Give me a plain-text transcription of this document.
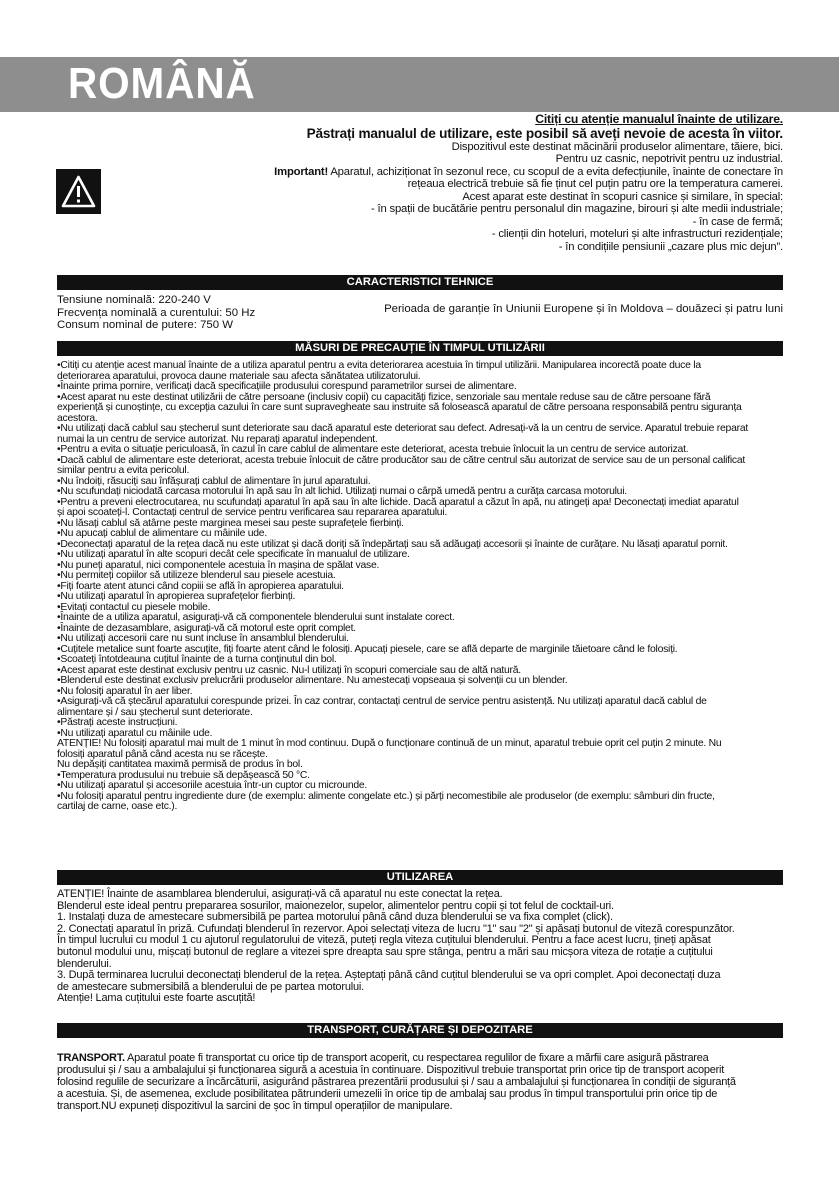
ROMÂNĂ
Citiți cu atenție manualul înainte de utilizare.
Păstrați manualul de utilizare, este posibil să aveți nevoie de acesta în viitor.
Dispozitivul este destinat măcinării produselor alimentare, tăiere, bici.
Pentru uz casnic, nepotrivit pentru uz industrial.
Important! Aparatul, achiziționat în sezonul rece, cu scopul de a evita defecțiunile, înainte de conectare în
rețeaua electrică trebuie să fie ținut cel puțin patru ore la temperatura camerei.
Acest aparat este destinat în scopuri casnice și similare, în special:
- în spații de bucătărie pentru personalul din magazine, birouri și alte medii industriale;
- în case de fermă;
- clienții din hoteluri, moteluri și alte infrastructuri rezidențiale;
- în condițiile pensiunii „cazare plus mic dejun”.
CARACTERISTICI TEHNICE
Tensiune nominală: 220-240 V
Frecvența nominală a curentului: 50 Hz
Consum nominal de putere: 750 W
Perioada de garanție în Uniunii Europene și în Moldova – douăzeci și patru luni
MĂSURI DE PRECAUȚIE ÎN TIMPUL UTILIZĂRII
•Citiți cu atenție acest manual înainte de a utiliza aparatul pentru a evita deteriorarea acestuia în timpul utilizării. Manipularea incorectă poate duce la
deteriorarea aparatului, provoca daune materiale sau afecta sănătatea utilizatorului.
•Înainte prima pornire, verificați dacă specificațiile produsului corespund parametrilor sursei de alimentare.
•Acest aparat nu este destinat utilizării de către persoane (inclusiv copii) cu capacități fizice, senzoriale sau mentale reduse sau de către persoane fără
experiență și cunoștințe, cu excepția cazului în care sunt supravegheate sau instruite să folosească aparatul de către persoana responsabilă pentru siguranța
acestora.
•Nu utilizați dacă cablul sau ștecherul sunt deteriorate sau dacă aparatul este deteriorat sau defect. Adresați-vă la un centru de service. Aparatul trebuie reparat
numai la un centru de service autorizat. Nu reparați aparatul independent.
•Pentru a evita o situație periculoasă, în cazul în care cablul de alimentare este deteriorat, acesta trebuie înlocuit la un centru de service autorizat.
•Dacă cablul de alimentare este deteriorat, acesta trebuie înlocuit de către producător sau de către centrul său autorizat de service sau de un personal calificat
similar pentru a evita pericolul.
•Nu îndoiți, răsuciți sau înfășurați cablul de alimentare în jurul aparatului.
•Nu scufundați niciodată carcasa motorului în apă sau în alt lichid. Utilizați numai o cârpă umedă pentru a curăța carcasa motorului.
•Pentru a preveni electrocutarea, nu scufundați aparatul în apă sau în alte lichide. Dacă aparatul a căzut în apă, nu atingeți apa! Deconectați imediat aparatul
și apoi scoateți-l. Contactați centrul de service pentru verificarea sau repararea aparatului.
•Nu lăsați cablul să atârne peste marginea mesei sau peste suprafețele fierbinți.
•Nu apucați cablul de alimentare cu mâinile ude.
•Deconectați aparatul de la rețea dacă nu este utilizat și dacă doriți să îndepărtați sau să adăugați accesorii și înainte de curățare. Nu lăsați aparatul pornit.
•Nu utilizați aparatul în alte scopuri decât cele specificate în manualul de utilizare.
•Nu puneți aparatul, nici componentele acestuia în mașina de spălat vase.
•Nu permiteți copiilor să utilizeze blenderul sau piesele acestuia.
•Fiți foarte atent atunci când copiii se află în apropierea aparatului.
•Nu utilizați aparatul în apropierea suprafețelor fierbinți.
•Evitați contactul cu piesele mobile.
•Înainte de a utiliza aparatul, asigurați-vă că componentele blenderului sunt instalate corect.
•Înainte de dezasamblare, asigurați-vă că motorul este oprit complet.
•Nu utilizați accesorii care nu sunt incluse în ansamblul blenderului.
•Cuțitele metalice sunt foarte ascuțite, fiți foarte atent când le folosiți. Apucați piesele, care se află departe de marginile tăietoare când le folosiți.
•Scoateți întotdeauna cuțitul înainte de a turna conținutul din bol.
•Acest aparat este destinat exclusiv pentru uz casnic. Nu-l utilizați în scopuri comerciale sau de altă natură.
•Blenderul este destinat exclusiv prelucrării produselor alimentare. Nu amestecați vopseaua și solvenții cu un blender.
•Nu folosiți aparatul în aer liber.
•Asigurați-vă că ștecărul aparatului corespunde prizei. În caz contrar, contactați centrul de service pentru asistență. Nu utilizați aparatul dacă cablul de
alimentare și / sau ștecherul sunt deteriorate.
•Păstrați aceste instrucțiuni.
•Nu utilizați aparatul cu mâinile ude.
ATENȚIE! Nu folosiți aparatul mai mult de 1 minut în mod continuu. După o funcționare continuă de un minut, aparatul trebuie oprit cel puțin 2 minute. Nu
folosiți aparatul până când acesta nu se răcește.
Nu depășiți cantitatea maximă permisă de produs în bol.
•Temperatura produsului nu trebuie să depășească 50 °C.
•Nu utilizați aparatul și accesoriile acestuia într-un cuptor cu microunde.
•Nu folosiți aparatul pentru ingrediente dure (de exemplu: alimente congelate etc.) și părți necomestibile ale produselor (de exemplu: sâmburi din fructe,
cartilaj de carne, oase etc.).
UTILIZAREA
ATENȚIE! Înainte de asamblarea blenderului, asigurați-vă că aparatul nu este conectat la rețea.
Blenderul este ideal pentru prepararea sosurilor, maionezelor, supelor, alimentelor pentru copii și tot felul de cocktail-uri.
1. Instalați duza de amestecare submersibilă pe partea motorului până când duza blenderului se va fixa complet (click).
2. Conectați aparatul în priză. Cufundați blenderul în rezervor. Apoi selectați viteza de lucru "1" sau "2" și apăsați butonul de viteză corespunzător.
În timpul lucrului cu modul 1 cu ajutorul regulatorului de viteză, puteți regla viteza cuțitului blenderului. Pentru a face acest lucru, țineți apăsat
butonul modului unu, mișcați butonul de reglare a vitezei spre dreapta sau spre stânga, pentru a mări sau micșora viteza de rotație a cuțitului
blenderului.
3. După terminarea lucrului deconectați blenderul de la rețea. Așteptați până când cuțitul blenderului se va opri complet. Apoi deconectați duza
de amestecare submersibilă a blenderului de pe partea motorului.
Atenție! Lama cuțitului este foarte ascuțită!
TRANSPORT, CURĂȚARE ȘI DEPOZITARE
TRANSPORT. Aparatul poate fi transportat cu orice tip de transport acoperit, cu respectarea regulilor de fixare a mărfii care asigură păstrarea
produsului și / sau a ambalajului și funcționarea sigură a acestuia în continuare. Dispozitivul trebuie transportat prin orice tip de transport acoperit
folosind regulile de securizare a încărcăturii, asigurând păstrarea prezentării produsului și / sau a ambalajului și funcționarea în condiții de siguranță
a acestuia. Și, de asemenea, exclude posibilitatea pătrunderii umezelii în orice tip de ambalaj sau produs în timpul transportului prin orice tip de
transport.NU expuneți dispozitivul la sarcini de șoc în timpul operațiilor de manipulare.
